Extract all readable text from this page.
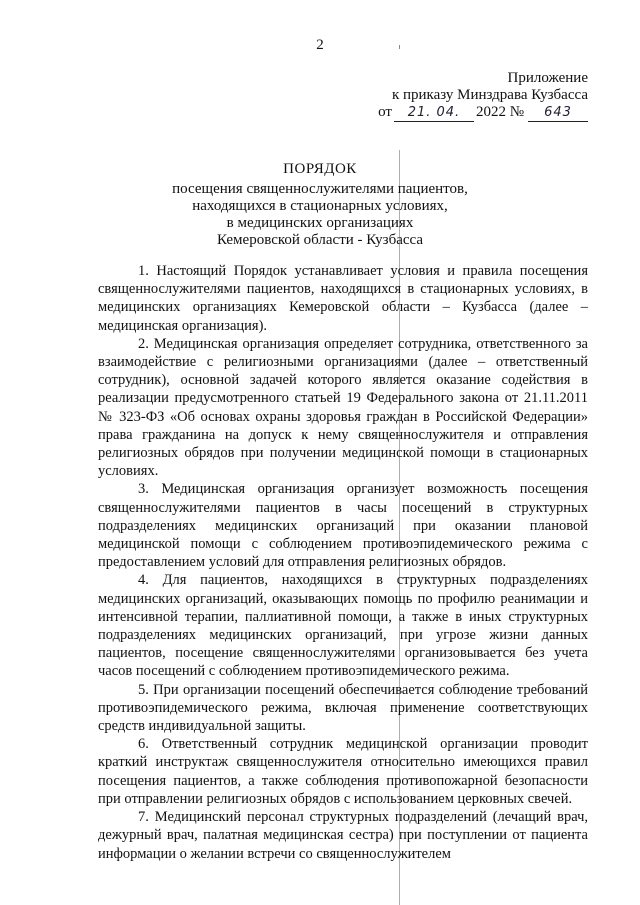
2
Приложение
к приказу Минздрава Кузбасса
от	21. 04.	2022 №	643
ПОРЯДОК
посещения священнослужителями пациентов,
находящихся в стационарных условиях,
в медицинских организациях
Кемеровской области - Кузбасса

1. Настоящий Порядок устанавливает условия и правила посещения священнослужителями пациентов, находящихся в стационарных условиях, в медицинских организациях Кемеровской области – Кузбасса (далее – медицинская организация).

2. Медицинская организация определяет сотрудника, ответственного за взаимодействие с религиозными организациями (далее – ответственный сотрудник), основной задачей которого является оказание содействия в реализации предусмотренного статьей 19 Федерального закона от 21.11.2011 № 323-ФЗ «Об основах охраны здоровья граждан в Российской Федерации» права гражданина на допуск к нему священнослужителя и отправления религиозных обрядов при получении медицинской помощи в стационарных условиях.

3. Медицинская организация организует возможность посещения священнослужителями пациентов в часы посещений в структурных подразделениях медицинских организаций при оказании плановой медицинской помощи с соблюдением противоэпидемического режима с предоставлением условий для отправления религиозных обрядов.

4. Для пациентов, находящихся в структурных подразделениях медицинских организаций, оказывающих помощь по профилю реанимации и интенсивной терапии, паллиативной помощи, а также в иных структурных подразделениях медицинских организаций, при угрозе жизни данных пациентов, посещение священнослужителями организовывается без учета часов посещений с соблюдением противоэпидемического режима.

5. При организации посещений обеспечивается соблюдение требований противоэпидемического режима, включая применение соответствующих средств индивидуальной защиты.

6. Ответственный сотрудник медицинской организации проводит краткий инструктаж священнослужителя относительно имеющихся правил посещения пациентов, а также соблюдения противопожарной безопасности при отправлении религиозных обрядов с использованием церковных свечей.

7. Медицинский персонал структурных подразделений (лечащий врач, дежурный врач, палатная медицинская сестра) при поступлении от пациента информации о желании встречи со священнослужителем
